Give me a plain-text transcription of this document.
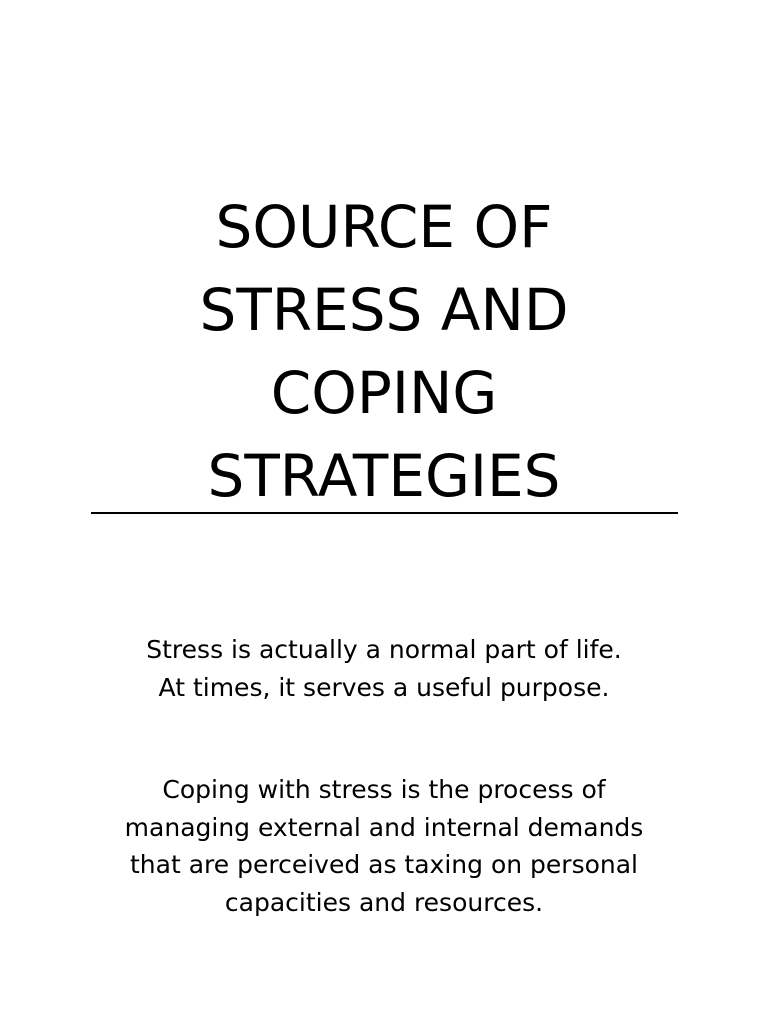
SOURCE OF
STRESS AND
COPING
STRATEGIES

Stress is actually a normal part of life.
At times, it serves a useful purpose.

Coping with stress is the process of
managing external and internal demands
that are perceived as taxing on personal
capacities and resources.
